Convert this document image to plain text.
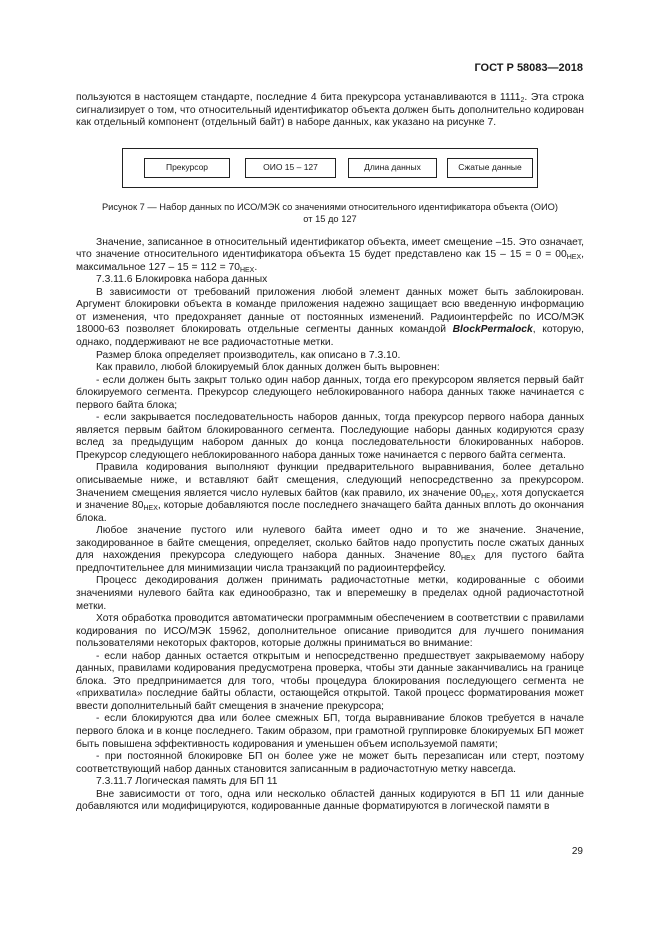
ГОСТ Р 58083—2018

пользуются в настоящем стандарте, последние 4 бита прекурсора устанавливаются в $1111_2$. Эта строка сигнализирует о том, что относительный идентификатор объекта должен быть дополнительно кодирован как отдельный компонент (отдельный байт) в наборе данных, как указано на рисунке 7.

Прекурсор	ОИО 15 – 127	Длина данных	Сжатые данные
Рисунок 7 — Набор данных по ИСО/МЭК со значениями относительного идентификатора объекта (ОИО)
от 15 до 127

Значение, записанное в относительный идентификатор объекта, имеет смещение –15. Это означает, что значение относительного идентификатора объекта 15 будет представлено как $15 - 15 = 0 = 00_{HEX}$, максимальное $127 - 15 = 112 = 70_{HEX}$.

7.3.11.6 Блокировка набора данных

В зависимости от требований приложения любой элемент данных может быть заблокирован. Аргумент блокировки объекта в команде приложения надежно защищает всю введенную информацию от изменения, что предохраняет данные от постоянных изменений. Радиоинтерфейс по ИСО/МЭК 18000-63 позволяет блокировать отдельные сегменты данных командой BlockPermalock, которую, однако, поддерживают не все радиочастотные метки.

Размер блока определяет производитель, как описано в 7.3.10.

Как правило, любой блокируемый блок данных должен быть выровнен:

- если должен быть закрыт только один набор данных, тогда его прекурсором является первый байт блокируемого сегмента. Прекурсор следующего неблокированного набора данных также начинается с первого байта блока;

- если закрывается последовательность наборов данных, тогда прекурсор первого набора данных является первым байтом блокированного сегмента. Последующие наборы данных кодируются сразу вслед за предыдущим набором данных до конца последовательности блокированных наборов. Прекурсор следующего неблокированного набора данных тоже начинается с первого байта сегмента.

Правила кодирования выполняют функции предварительного выравнивания, более детально описываемые ниже, и вставляют байт смещения, следующий непосредственно за прекурсором. Значением смещения является число нулевых байтов (как правило, их значение $00_{HEX}$, хотя допускается и значение $80_{HEX}$, которые добавляются после последнего значащего байта данных вплоть до окончания блока.

Любое значение пустого или нулевого байта имеет одно и то же значение. Значение, закодированное в байте смещения, определяет, сколько байтов надо пропустить после сжатых данных для нахождения прекурсора следующего набора данных. Значение $80_{HEX}$ для пустого байта предпочтительнее для минимизации числа транзакций по радиоинтерфейсу.

Процесс декодирования должен принимать радиочастотные метки, кодированные с обоими значениями нулевого байта как единообразно, так и вперемешку в пределах одной радиочастотной метки.

Хотя обработка проводится автоматически программным обеспечением в соответствии с правилами кодирования по ИСО/МЭК 15962, дополнительное описание приводится для лучшего понимания пользователями некоторых факторов, которые должны приниматься во внимание:

- если набор данных остается открытым и непосредственно предшествует закрываемому набору данных, правилами кодирования предусмотрена проверка, чтобы эти данные заканчивались на границе блока. Это предпринимается для того, чтобы процедура блокирования последующего сегмента не «прихватила» последние байты области, остающейся открытой. Такой процесс форматирования может ввести дополнительный байт смещения в значение прекурсора;

- если блокируются два или более смежных БП, тогда выравнивание блоков требуется в начале первого блока и в конце последнего. Таким образом, при грамотной группировке блокируемых БП может быть повышена эффективность кодирования и уменьшен объем используемой памяти;

- при постоянной блокировке БП он более уже не может быть перезаписан или стерт, поэтому соответствующий набор данных становится записанным в радиочастотную метку навсегда.

7.3.11.7 Логическая память для БП 11

Вне зависимости от того, одна или несколько областей данных кодируются в БП 11 или данные добавляются или модифицируются, кодированные данные форматируются в логической памяти в

29
